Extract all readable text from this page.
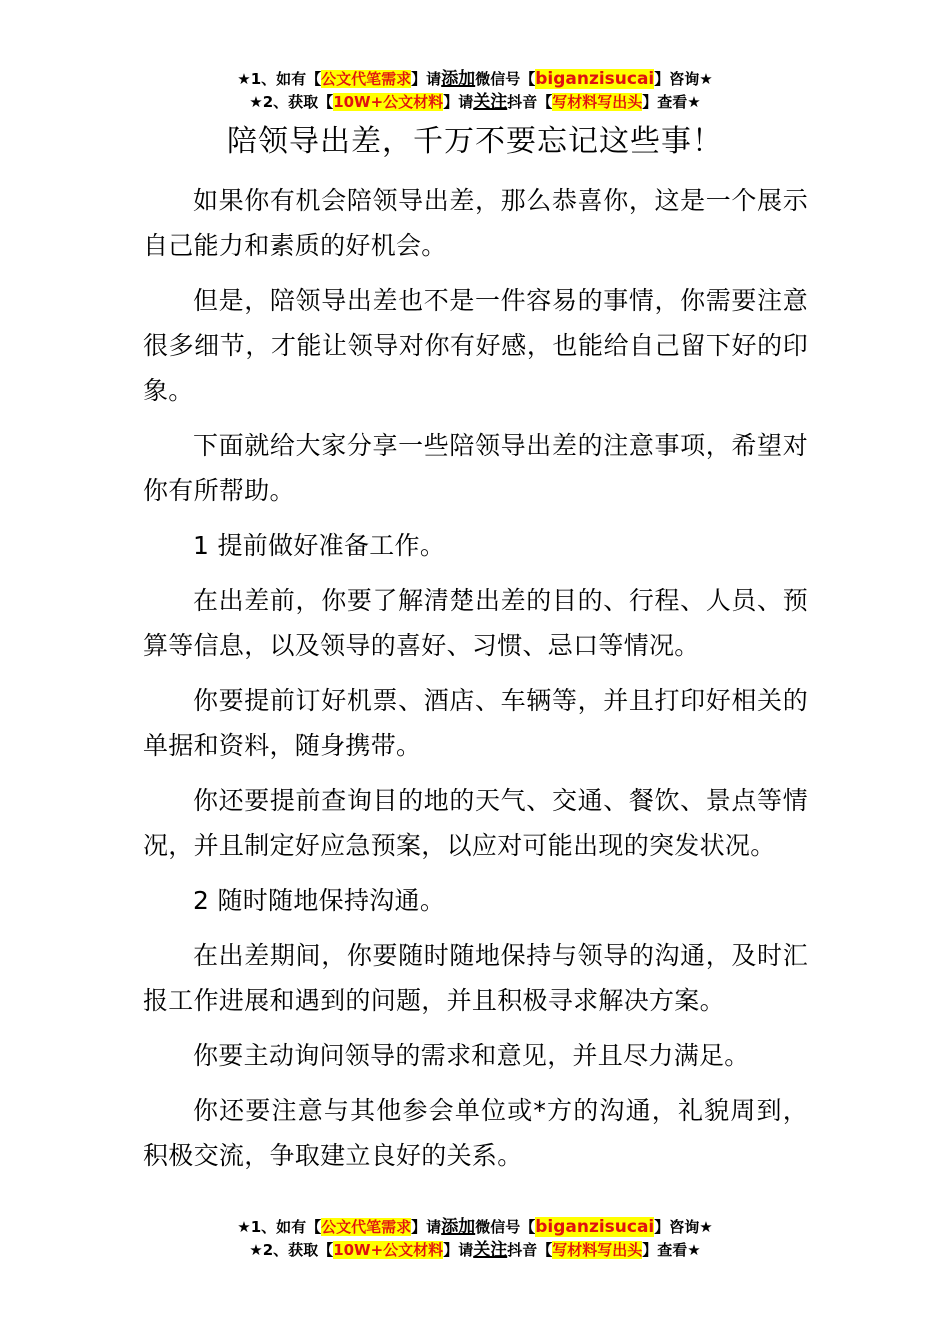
★1、如有【公文代笔需求】请添加微信号【biganzisucai】咨询★
★2、获取【10W+公文材料】请关注抖音【写材料写出头】查看★
陪领导出差，千万不要忘记这些事！

如果你有机会陪领导出差，那么恭喜你，这是一个展示自己能力和素质的好机会。

但是，陪领导出差也不是一件容易的事情，你需要注意很多细节，才能让领导对你有好感，也能给自己留下好的印象。

下面就给大家分享一些陪领导出差的注意事项，希望对你有所帮助。

1 提前做好准备工作。

在出差前，你要了解清楚出差的目的、行程、人员、预算等信息，以及领导的喜好、习惯、忌口等情况。

你要提前订好机票、酒店、车辆等，并且打印好相关的单据和资料，随身携带。

你还要提前查询目的地的天气、交通、餐饮、景点等情况，并且制定好应急预案，以应对可能出现的突发状况。

2 随时随地保持沟通。

在出差期间，你要随时随地保持与领导的沟通，及时汇报工作进展和遇到的问题，并且积极寻求解决方案。

你要主动询问领导的需求和意见，并且尽力满足。

你还要注意与其他参会单位或*方的沟通，礼貌周到，积极交流，争取建立良好的关系。

★1、如有【公文代笔需求】请添加微信号【biganzisucai】咨询★
★2、获取【10W+公文材料】请关注抖音【写材料写出头】查看★
